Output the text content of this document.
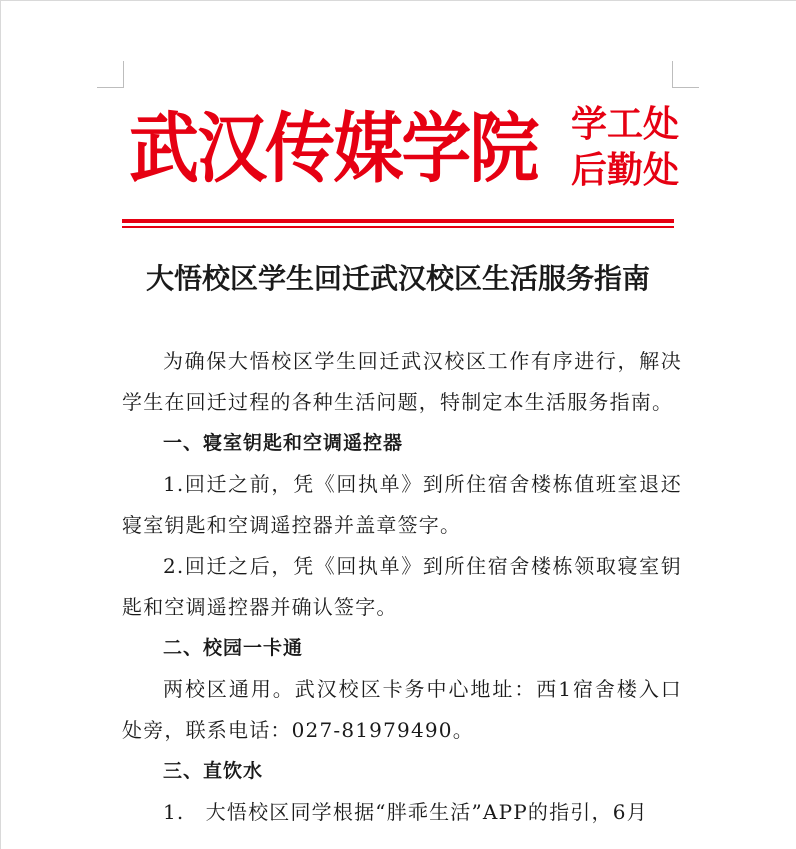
武汉传媒学院 学工处
后勤处
大悟校区学生回迁武汉校区生活服务指南

为确保大悟校区学生回迁武汉校区工作有序进行，解决学生在回迁过程的各种生活问题，特制定本生活服务指南。

一、寝室钥匙和空调遥控器

1.回迁之前，凭《回执单》到所住宿舍楼栋值班室退还寝室钥匙和空调遥控器并盖章签字。

2.回迁之后，凭《回执单》到所住宿舍楼栋领取寝室钥匙和空调遥控器并确认签字。

二、校园一卡通

两校区通用。武汉校区卡务中心地址：西1宿舍楼入口处旁，联系电话：027-81979490。

三、直饮水

1.　大悟校区同学根据“胖乖生活”APP的指引，6月
